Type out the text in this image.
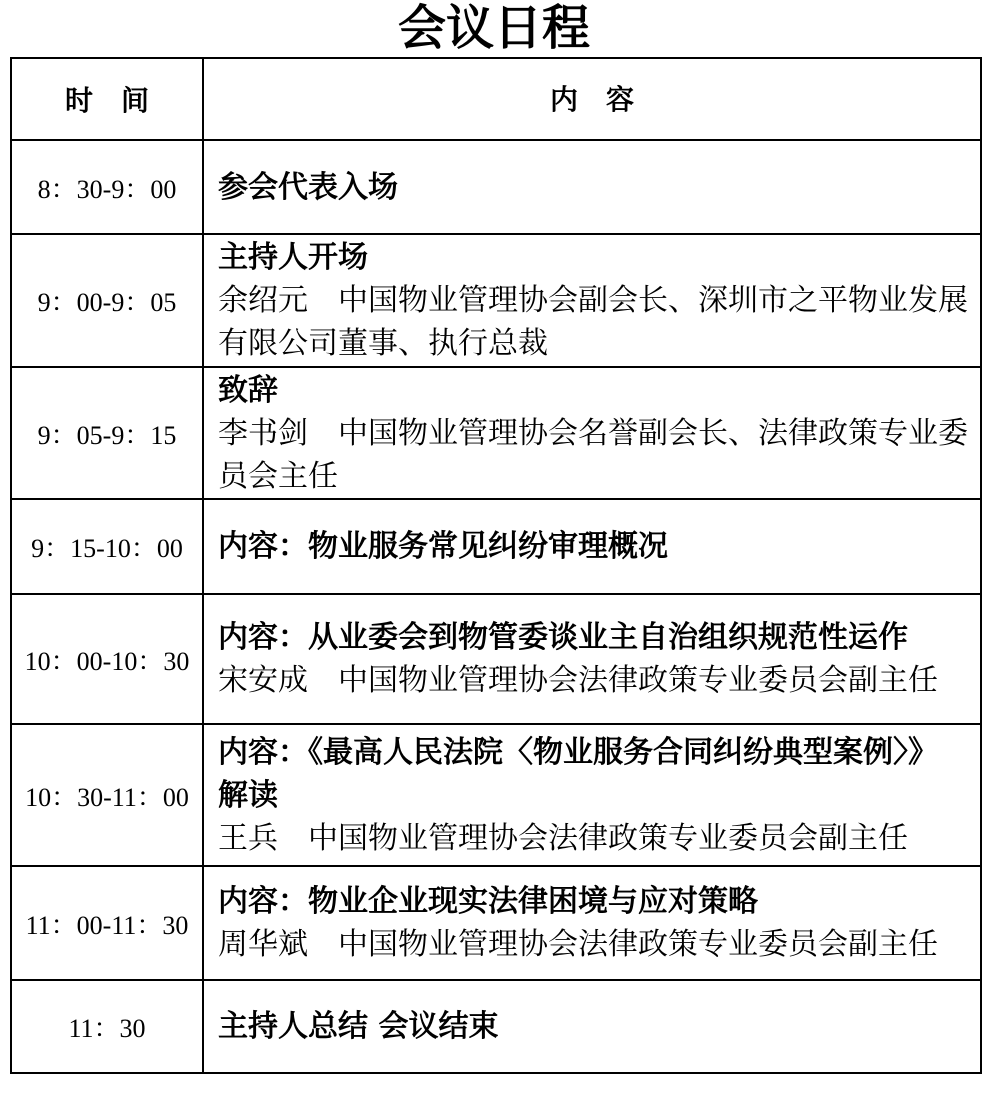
会议日程
时　间	内　容
8：30-9：00 参会代表入场
9：00-9：05
主持人开场
余绍元　中国物业管理协会副会长、深圳市之平物业发展
有限公司董事、执行总裁
9：05-9：15
致辞
李书剑　中国物业管理协会名誉副会长、法律政策专业委
员会主任
9：15-10：00 内容：物业服务常见纠纷审理概况
10：00-10：30
内容：从业委会到物管委谈业主自治组织规范性运作
宋安成　中国物业管理协会法律政策专业委员会副主任
10：30-11：00
内容：《最高人民法院〈物业服务合同纠纷典型案例〉》
解读
王兵　中国物业管理协会法律政策专业委员会副主任
11：00-11：30
内容：物业企业现实法律困境与应对策略
周华斌　中国物业管理协会法律政策专业委员会副主任
11：30 主持人总结 会议结束
